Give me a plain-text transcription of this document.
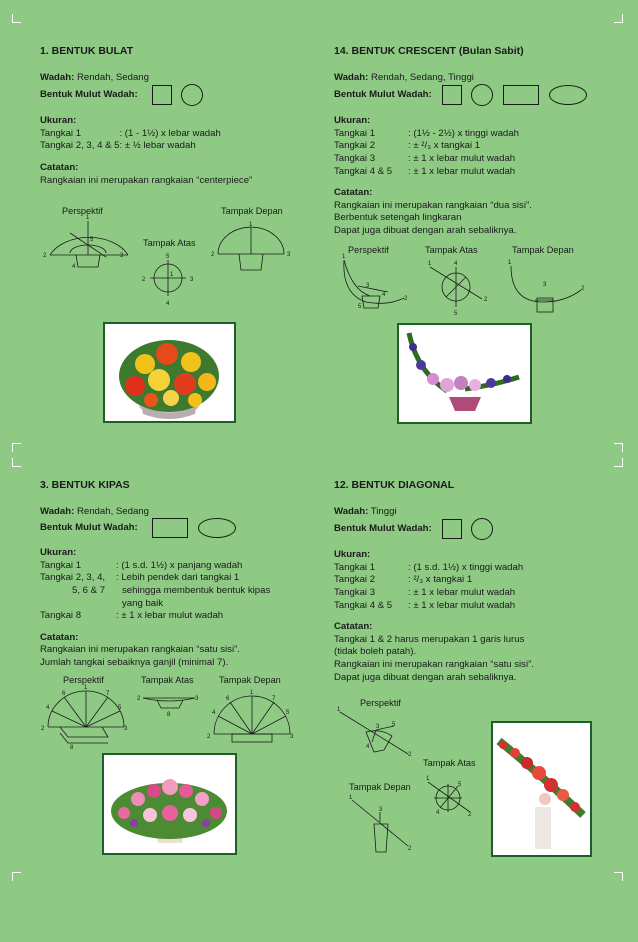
1. BENTUK BULAT
Wadah: Rendah, Sedang
Bentuk Mulut Wadah:
Ukuran:
Tangkai 1	: (1 - 1½) x lebar wadah
Tangkai 2, 3, 4 & 5	: ± ½ lebar wadah
Catatan:
Rangkaian ini merupakan rangkaian “centerpiece”
Perspektif	Tampak Depan
Tampak Atas
1
2	3
4
5
5
2	3
4
1
1
2	3
14. BENTUK CRESCENT (Bulan Sabit)
Wadah: Rendah, Sedang, Tinggi
Bentuk Mulut Wadah:
Ukuran:
Tangkai 1	: (1½ - 2½) x tinggi wadah
Tangkai 2	: ± ²/₃ x tangkai 1
Tangkai 3	: ± 1 x lebar mulut wadah
Tangkai 4 & 5	: ± 1 x lebar mulut wadah
Catatan:
Rangkaian ini merupakan rangkaian “dua sisi”.
Berbentuk setengah lingkaran
Dapat juga dibuat dengan arah sebaliknya.
Perspektif	Tampak Atas	Tampak Depan
1
2
3
4
5
1	4
2
5
1
2
3
3. BENTUK KIPAS
Wadah: Rendah, Sedang
Bentuk Mulut Wadah:
Ukuran:
Tangkai 1	: (1 s.d. 1½) x panjang wadah
Tangkai 2, 3, 4,	: Lebih pendek dari tangkai 1
5, 6 & 7	sehingga membentuk bentuk kipas
	yang baik
Tangkai 8	: ± 1 x lebar mulut wadah
Catatan:
Rangkaian ini merupakan rangkaian “satu sisi”.
Jumlah tangkai sebaiknya ganjil (minimal 7).
Perspektif	Tampak Atas	Tampak Depan
1
6	7
4	5
2	3
8
2	3
8
1
6	7
4	5
2	3
12. BENTUK DIAGONAL
Wadah: Tinggi
Bentuk Mulut Wadah:
Ukuran:
Tangkai 1	: (1 s.d. 1½) x tinggi wadah
Tangkai 2	: ²/₃ x tangkai 1
Tangkai 3	: ± 1 x lebar mulut wadah
Tangkai 4 & 5	: ± 1 x lebar mulut wadah
Catatan:
Tangkai 1 & 2 harus merupakan 1 garis lurus
(tidak boleh patah).
Rangkaian ini merupakan rangkaian “satu sisi”.
Dapat juga dibuat dengan arah sebaliknya.
Perspektif
Tampak Atas
Tampak Depan
1
2
3 5
4
1
5
2
4
1
2
3
